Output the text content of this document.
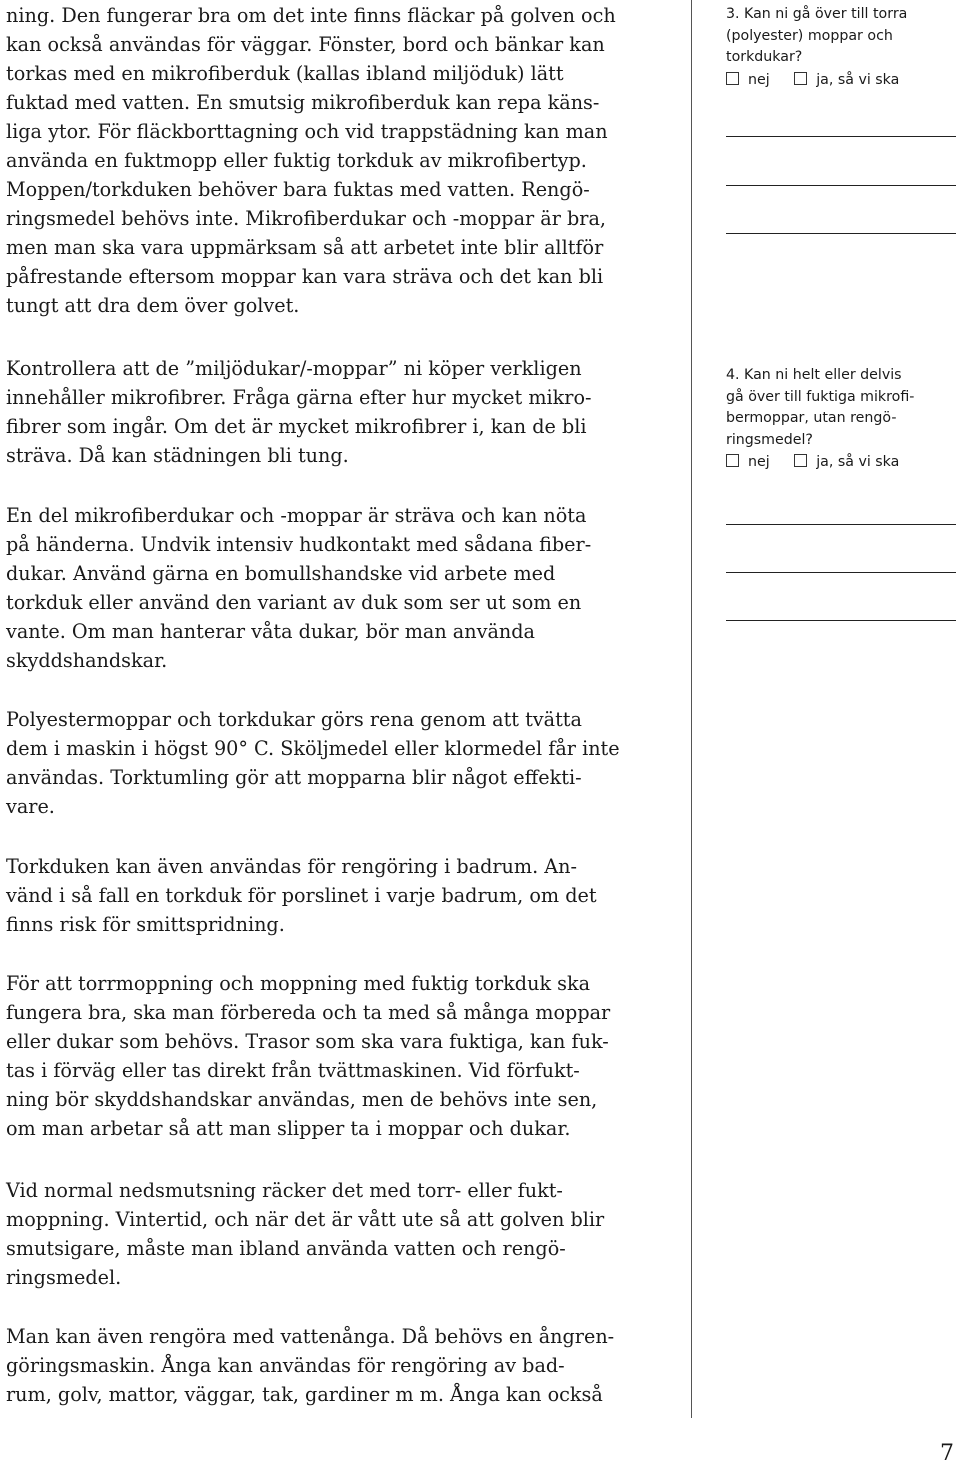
ning. Den fungerar bra om det inte finns fläckar på golven och
kan också användas för väggar. Fönster, bord och bänkar kan
torkas med en mikrofiberduk (kallas ibland miljöduk) lätt
fuktad med vatten. En smutsig mikrofiberduk kan repa käns-
liga ytor. För fläckborttagning och vid trappstädning kan man
använda en fuktmopp eller fuktig torkduk av mikrofibertyp.
Moppen/torkduken behöver bara fuktas med vatten. Rengö-
ringsmedel behövs inte. Mikrofiberdukar och -moppar är bra,
men man ska vara uppmärksam så att arbetet inte blir alltför
påfrestande eftersom moppar kan vara sträva och det kan bli
tungt att dra dem över golvet.
Kontrollera att de ”miljödukar/-moppar” ni köper verkligen
innehåller mikrofibrer. Fråga gärna efter hur mycket mikro-
fibrer som ingår. Om det är mycket mikrofibrer i, kan de bli
sträva. Då kan städningen bli tung.
En del mikrofiberdukar och -moppar är sträva och kan nöta
på händerna. Undvik intensiv hudkontakt med sådana fiber-
dukar. Använd gärna en bomullshandske vid arbete med
torkduk eller använd den variant av duk som ser ut som en
vante. Om man hanterar våta dukar, bör man använda
skyddshandskar.
Polyestermoppar och torkdukar görs rena genom att tvätta
dem i maskin i högst 90° C. Sköljmedel eller klormedel får inte
användas. Torktumling gör att mopparna blir något effekti-
vare.
Torkduken kan även användas för rengöring i badrum. An-
vänd i så fall en torkduk för porslinet i varje badrum, om det
finns risk för smittspridning.
För att torrmoppning och moppning med fuktig torkduk ska
fungera bra, ska man förbereda och ta med så många moppar
eller dukar som behövs. Trasor som ska vara fuktiga, kan fuk-
tas i förväg eller tas direkt från tvättmaskinen. Vid förfukt-
ning bör skyddshandskar användas, men de behövs inte sen,
om man arbetar så att man slipper ta i moppar och dukar.
Vid normal nedsmutsning räcker det med torr- eller fukt-
moppning. Vintertid, och när det är vått ute så att golven blir
smutsigare, måste man ibland använda vatten och rengö-
ringsmedel.
Man kan även rengöra med vattenånga. Då behövs en ångren-
göringsmaskin. Ånga kan användas för rengöring av bad-
rum, golv, mattor, väggar, tak, gardiner m m. Ånga kan också
3. Kan ni gå över till torra
(polyester) moppar och
torkdukar?
nej	ja, så vi ska
4. Kan ni helt eller delvis
gå över till fuktiga mikrofi-
bermoppar, utan rengö-
ringsmedel?
nej	ja, så vi ska
7
